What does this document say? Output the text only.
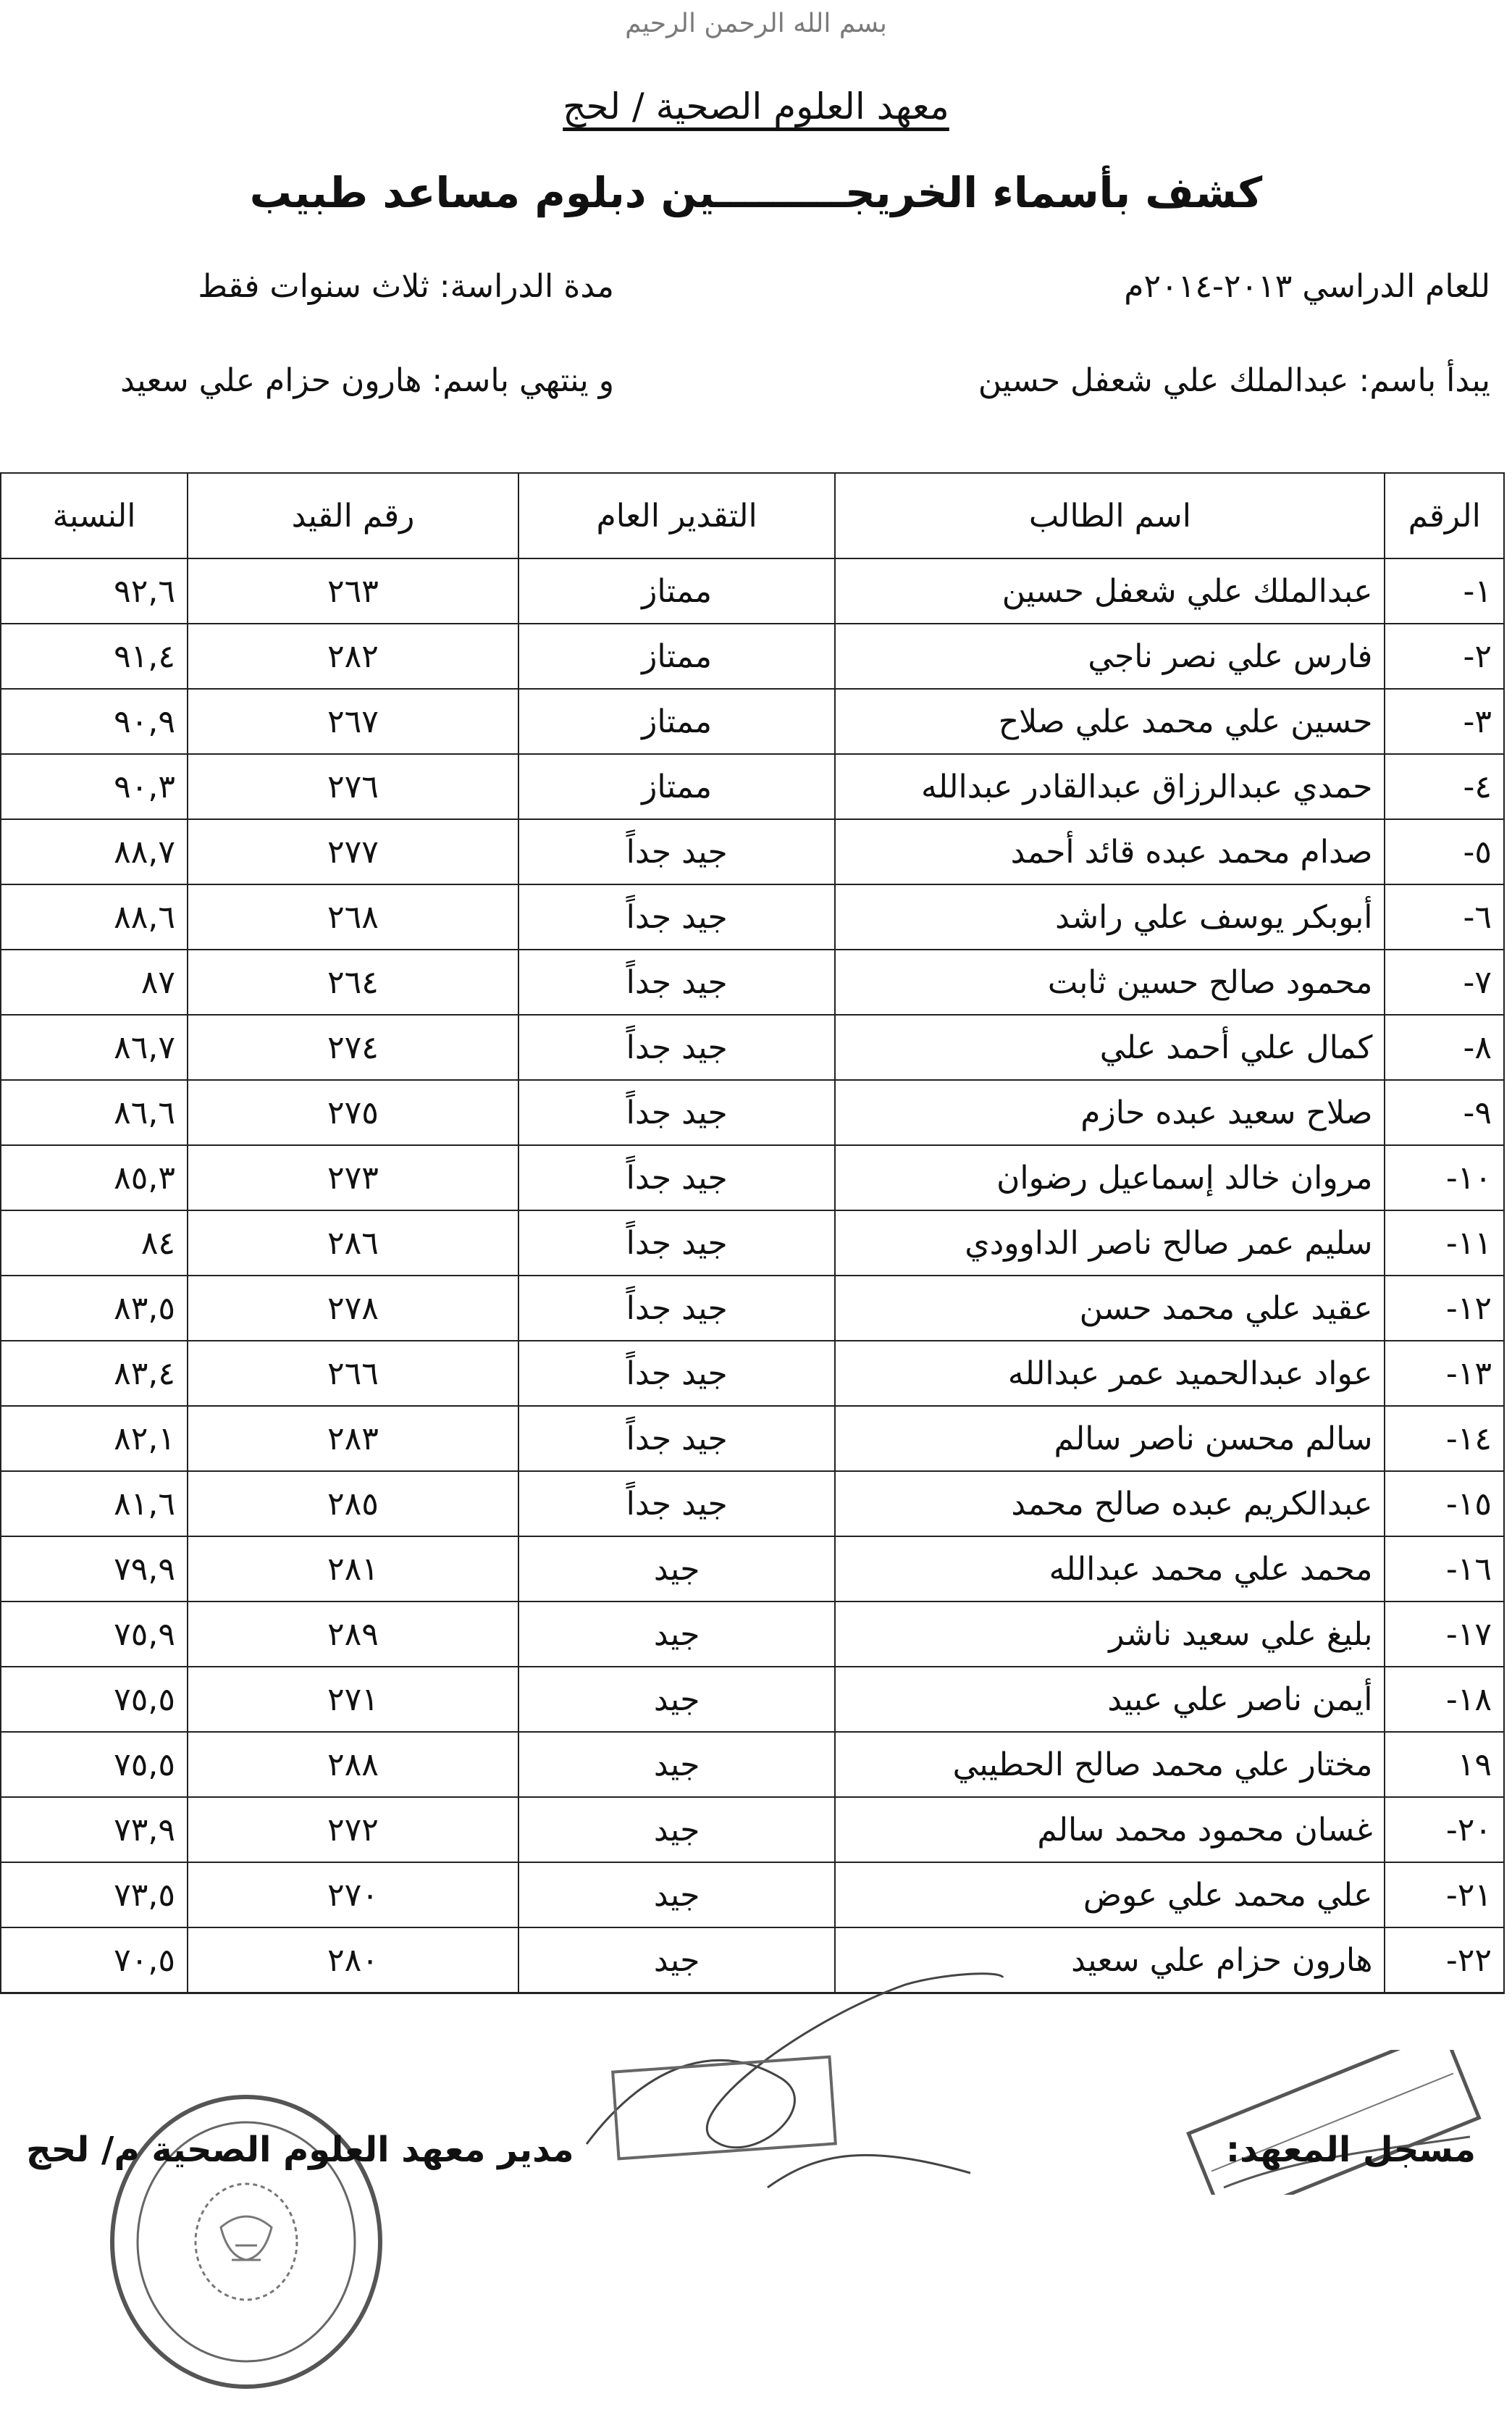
بسم الله الرحمن الرحيم
معهد العلوم الصحية / لحج
كشف بأسماء الخريجـــــــــين دبلوم مساعد طبيب
للعام الدراسي ٢٠١٣-٢٠١٤م
مدة الدراسة: ثلاث سنوات فقط
يبدأ باسم: عبدالملك علي شعفل حسين
و ينتهي باسم: هارون حزام علي سعيد
الرقم	اسم الطالب	التقدير العام	رقم القيد	النسبة
١-	عبدالملك علي شعفل حسين	ممتاز	٢٦٣	٩٢,٦
٢-	فارس علي نصر ناجي	ممتاز	٢٨٢	٩١,٤
٣-	حسين علي محمد علي صلاح	ممتاز	٢٦٧	٩٠,٩
٤-	حمدي عبدالرزاق عبدالقادر عبدالله	ممتاز	٢٧٦	٩٠,٣
٥-	صدام محمد عبده قائد أحمد	جيد جداً	٢٧٧	٨٨,٧
٦-	أبوبكر يوسف علي راشد	جيد جداً	٢٦٨	٨٨,٦
٧-	محمود صالح حسين ثابت	جيد جداً	٢٦٤	٨٧
٨-	كمال علي أحمد علي	جيد جداً	٢٧٤	٨٦,٧
٩-	صلاح سعيد عبده حازم	جيد جداً	٢٧٥	٨٦,٦
١٠-	مروان خالد إسماعيل رضوان	جيد جداً	٢٧٣	٨٥,٣
١١-	سليم عمر صالح ناصر الداوودي	جيد جداً	٢٨٦	٨٤
١٢-	عقيد علي محمد حسن	جيد جداً	٢٧٨	٨٣,٥
١٣-	عواد عبدالحميد عمر عبدالله	جيد جداً	٢٦٦	٨٣,٤
١٤-	سالم محسن ناصر سالم	جيد جداً	٢٨٣	٨٢,١
١٥-	عبدالكريم عبده صالح محمد	جيد جداً	٢٨٥	٨١,٦
١٦-	محمد علي محمد عبدالله	جيد	٢٨١	٧٩,٩
١٧-	بليغ علي سعيد ناشر	جيد	٢٨٩	٧٥,٩
١٨-	أيمن ناصر علي عبيد	جيد	٢٧١	٧٥,٥
١٩	مختار علي محمد صالح الحطيبي	جيد	٢٨٨	٧٥,٥
٢٠-	غسان محمود محمد سالم	جيد	٢٧٢	٧٣,٩
٢١-	علي محمد علي عوض	جيد	٢٧٠	٧٣,٥
٢٢-	هارون حزام علي سعيد	جيد	٢٨٠	٧٠,٥
مدير معهد العلوم الصحية م/ لحج	مسجل المعهد:
